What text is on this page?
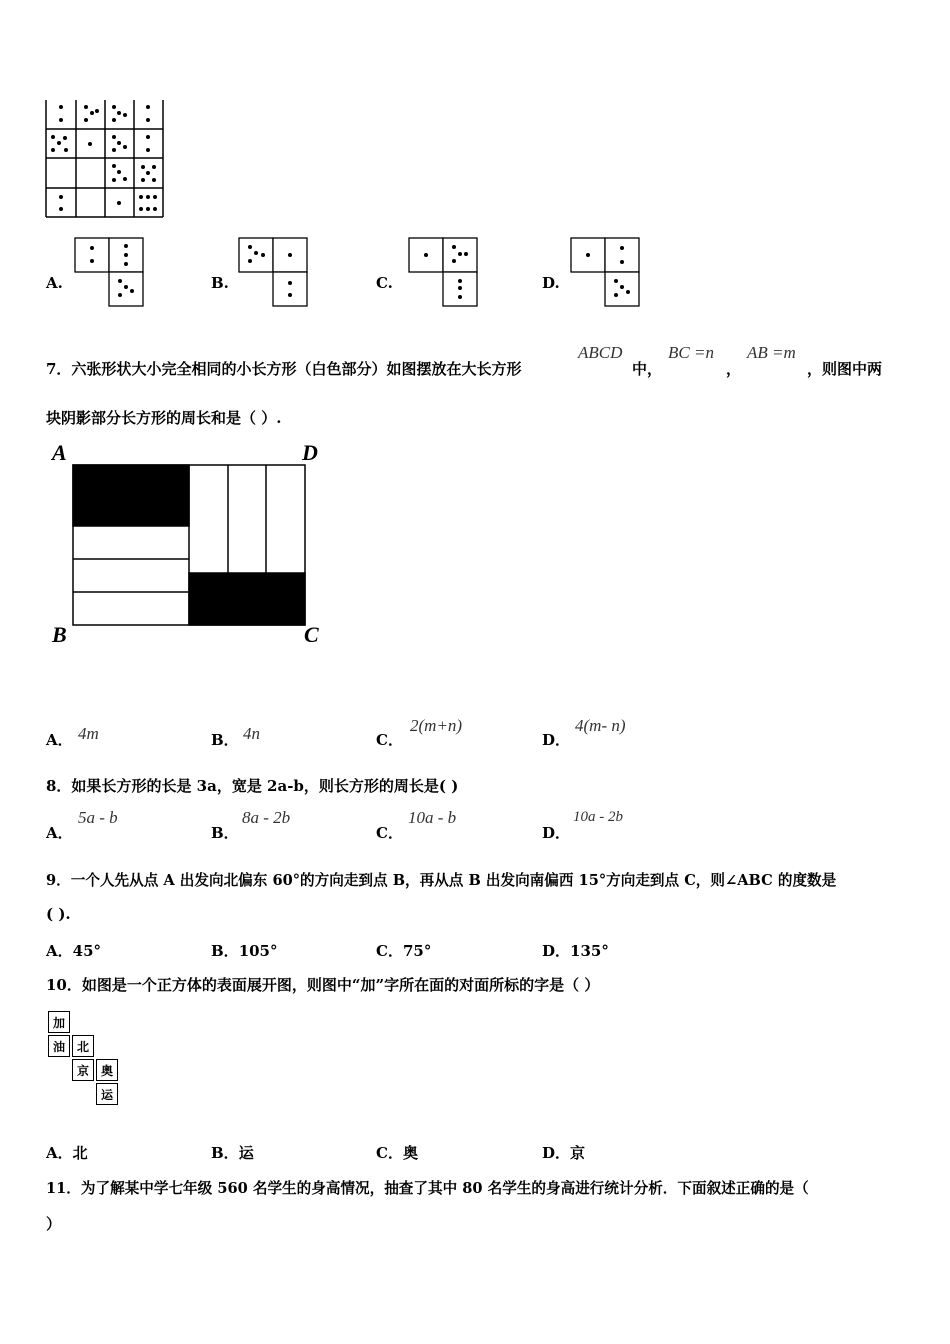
A.	B.	C.	D.
7．六张形状大小完全相同的小长方形（白色部分）如图摆放在大长方形
ABCD
中，
BC =n
，
AB =m
，则图中两
块阴影部分长方形的周长和是（ ）.
A	D
B	C
A． 4m	B． 4n	C．
2(m+n)
D．
4(m- n)
8．如果长方形的长是 3a，宽是 2a-b，则长方形的周长是( )
A．
5a - b
B．
8a - 2b
C．
10a - b
D．
10a - 2b
9．一个人先从点 A 出发向北偏东 60°的方向走到点 B，再从点 B 出发向南偏西 15°方向走到点 C，则∠ABC 的度数是
( ).
A．45°	B．105°	C．75°	D．135°
10．如图是一个正方体的表面展开图，则图中“加”字所在面的对面所标的字是（ ）
加
油 北
京 奥
运
A．北	B．运	C．奥	D．京
11．为了解某中学七年级 560 名学生的身高情况，抽查了其中 80 名学生的身高进行统计分析．下面叙述正确的是（
）
